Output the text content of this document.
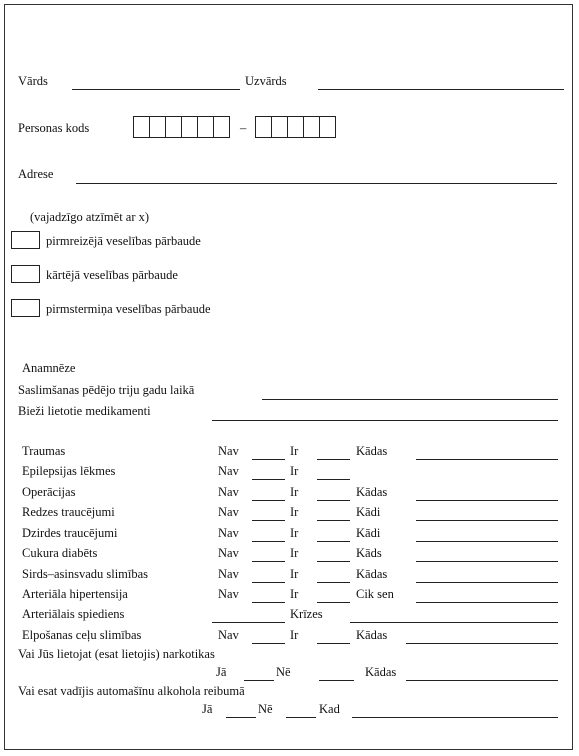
Vārds	Uzvārds
Personas kods	–
Adrese
(vajadzīgo atzīmēt ar x)
pirmreizējā veselības pārbaude
kārtējā veselības pārbaude
pirmstermiņa veselības pārbaude
Anamnēze
Saslimšanas pēdējo triju gadu laikā
Bieži lietotie medikamenti
Traumas	Nav	Ir	Kādas
Epilepsijas lēkmes	Nav	Ir
Operācijas	Nav	Ir	Kādas
Redzes traucējumi	Nav	Ir	Kādi
Dzirdes traucējumi	Nav	Ir	Kādi
Cukura diabēts	Nav	Ir	Kāds
Sirds–asinsvadu slimības	Nav	Ir	Kādas
Arteriāla hipertensija	Nav	Ir	Cik sen
Arteriālais spiediens	Krīzes
Elpošanas ceļu slimības	Nav	Ir	Kādas
Vai Jūs lietojat (esat lietojis) narkotikas
Jā	Nē	Kādas
Vai esat vadījis automašīnu alkohola reibumā
Jā	Nē	Kad
